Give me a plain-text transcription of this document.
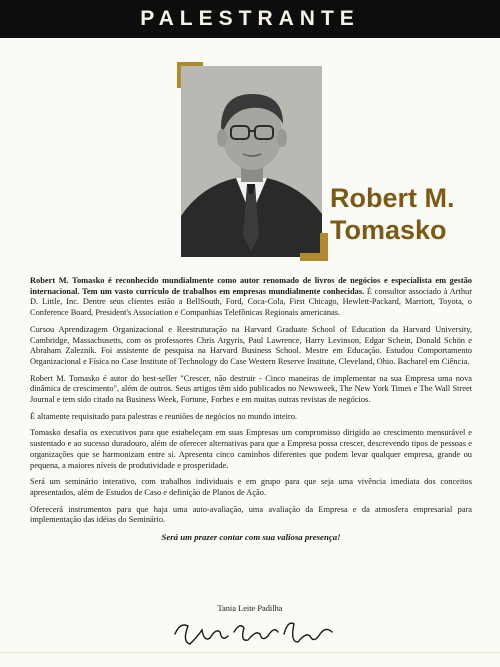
PALESTRANTE
Robert M.
Tomasko

Robert M. Tomasko é reconhecido mundialmente como autor renomado de livros de negócios e especialista em gestão internacional. Tem um vasto currículo de trabalhos em empresas mundialmente conhecidas. É consultor associado à Arthur D. Little, Inc. Dentre seus clientes estão a BellSouth, Ford, Coca-Cola, First Chicago, Hewlett-Packard, Marriott, Toyota, o Conference Board, President's Association e Companhias Telefônicas Regionais americanas.

Cursou Aprendizagem Organizacional e Reestruturação na Harvard Graduate School of Education da Harvard University, Cambridge, Massachusetts, com os professores Chris Argyris, Paul Lawrence, Harry Levinson, Edgar Schein, Donald Schön e Abraham Zaleznik. Foi assistente de pesquisa na Harvard Business School. Mestre em Educação. Estudou Comportamento Organizacional e Física no Case Institute of Technology do Case Western Reserve Institute, Cleveland, Ohio. Bacharel em Ciência.

Robert M. Tomasko é autor do best-seller "Crescer, não destruir - Cinco maneiras de implementar na sua Empresa uma nova dinâmica de crescimento", além de outros. Seus artigos têm sido publicados no Newsweek, The New York Times e The Wall Street Journal e tem sido citado na Business Week, Fortune, Forbes e em muitas outras revistas de negócios.

É altamente requisitado para palestras e reuniões de negócios no mundo inteiro.

Tomasko desafia os executivos para que estabeleçam em suas Empresas um compromisso dirigido ao crescimento mensurável e sustentado e ao sucesso duradouro, além de oferecer alternativas para que a Empresa possa crescer, descrevendo tipos de pessoas e organizações que se harmonizam entre si. Apresenta cinco caminhos diferentes que podem levar qualquer empresa, grande ou pequena, a maiores níveis de produtividade e prosperidade.

Será um seminário interativo, com trabalhos individuais e em grupo para que seja uma vivência imediata dos conceitos apresentados, além de Estudos de Caso e definição de Planos de Ação.

Oferecerá instrumentos para que haja uma auto-avaliação, uma avaliação da Empresa e da atmosfera empresarial para implementação das idéias do Seminário.

Será um prazer contar com sua valiosa presença!

Tania Leite Padilha
